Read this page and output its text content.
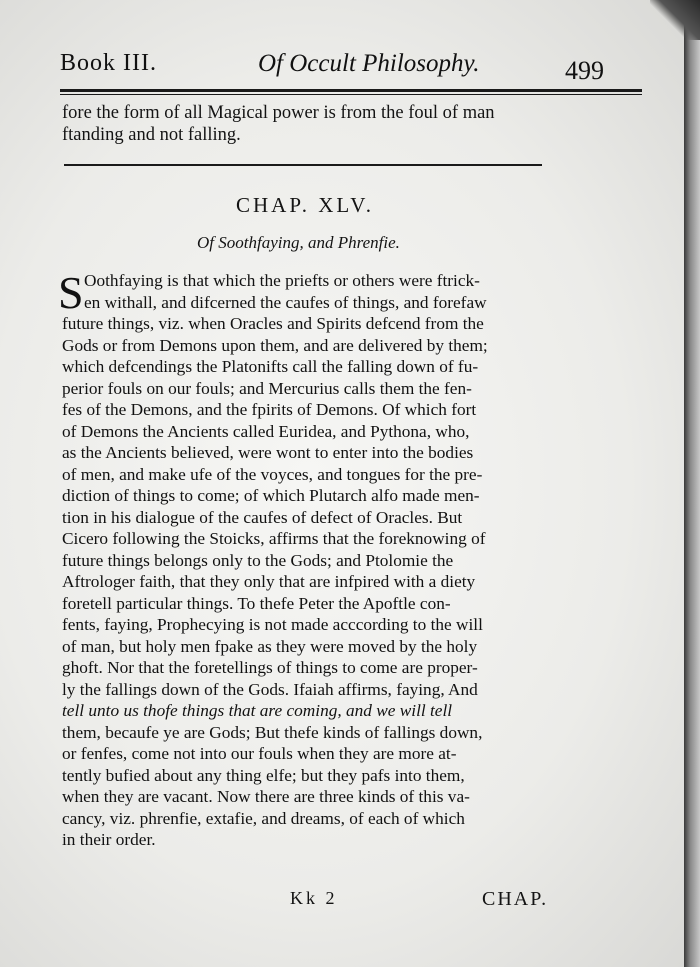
Book III.	Of Occult Philosophy.	499
fore the form of all Magical power is from the foul of man
ftanding and not falling.
CHAP. XLV.
Of Soothfaying, and Phrenfie.
S Oothfaying is that which the priefts or others were ftrick-
en withall, and difcerned the caufes of things, and forefaw
future things, viz. when Oracles and Spirits defcend from the
Gods or from Demons upon them, and are delivered by them;
which defcendings the Platonifts call the falling down of fu-
perior fouls on our fouls; and Mercurius calls them the fen-
fes of the Demons, and the fpirits of Demons. Of which fort
of Demons the Ancients called Euridea, and Pythona, who,
as the Ancients believed, were wont to enter into the bodies
of men, and make ufe of the voyces, and tongues for the pre-
diction of things to come; of which Plutarch alfo made men-
tion in his dialogue of the caufes of defect of Oracles. But
Cicero following the Stoicks, affirms that the foreknowing of
future things belongs only to the Gods; and Ptolomie the
Aftrologer faith, that they only that are infpired with a diety
foretell particular things. To thefe Peter the Apoftle con-
fents, faying, Prophecying is not made acccording to the will
of man, but holy men fpake as they were moved by the holy
ghoft. Nor that the foretellings of things to come are proper-
ly the fallings down of the Gods. Ifaiah affirms, faying, And
tell unto us thofe things that are coming, and we will tell
them, becaufe ye are Gods; But thefe kinds of fallings down,
or fenfes, come not into our fouls when they are more at-
tently bufied about any thing elfe; but they pafs into them,
when they are vacant. Now there are three kinds of this va-
cancy, viz. phrenfie, extafie, and dreams, of each of which
in their order.
Kk 2	CHAP.
